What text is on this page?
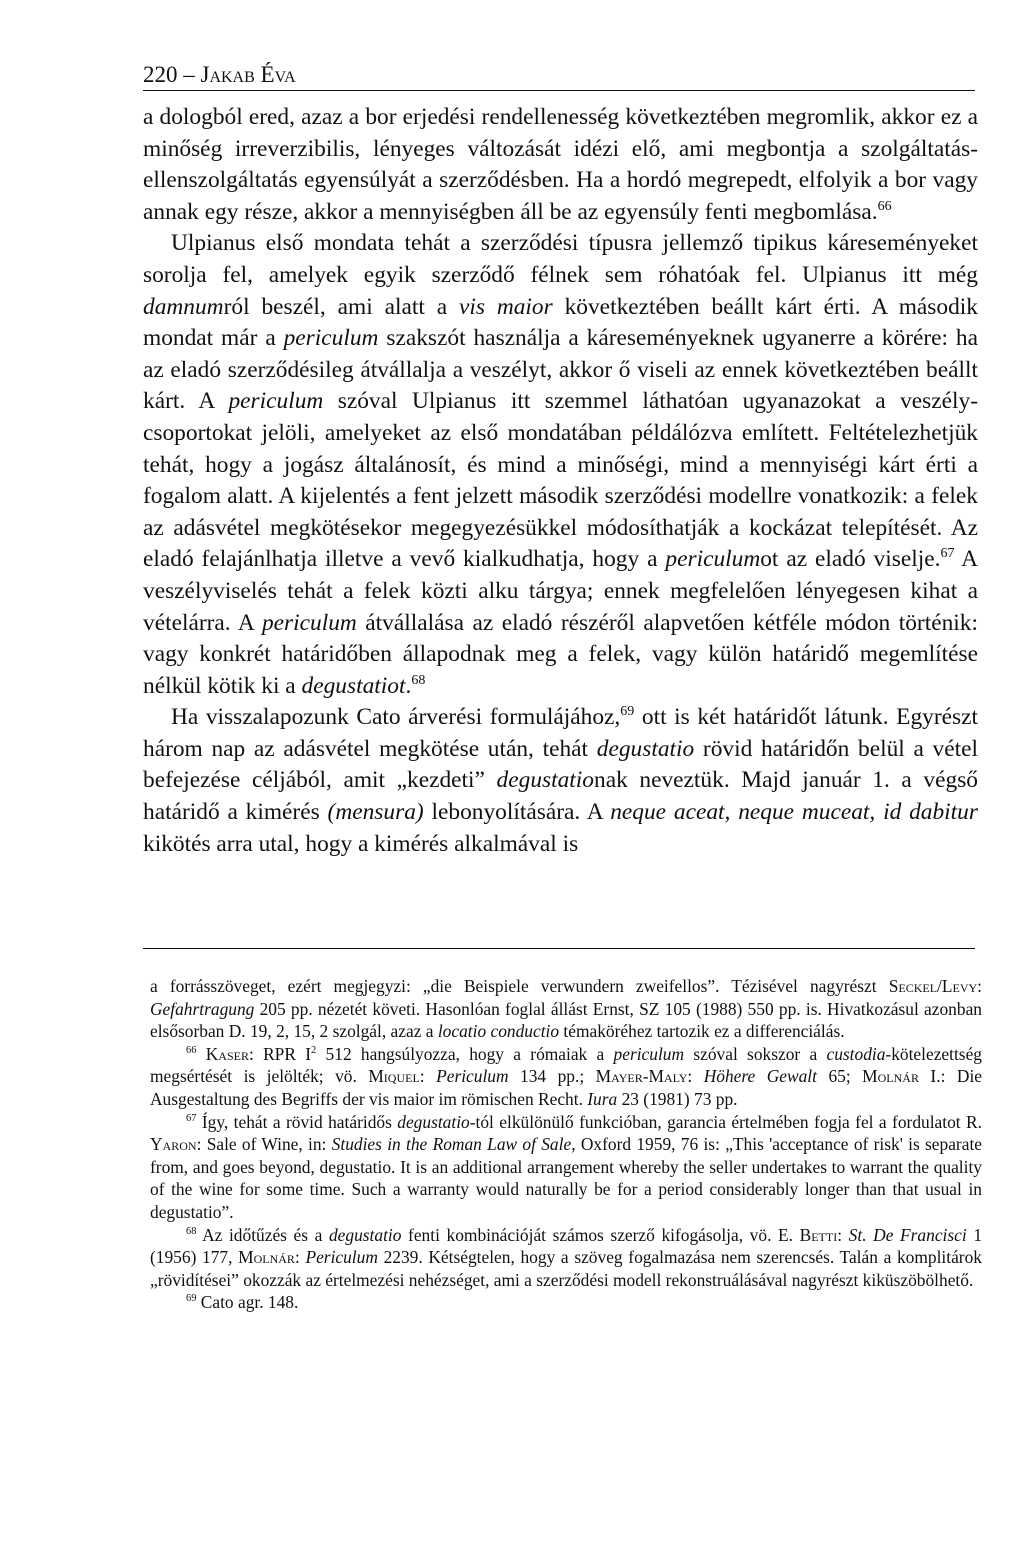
220 – Jakab Éva

a dologból ered, azaz a bor erjedési rendellenesség következtében megromlik, akkor ez a minőség irreverzibilis, lényeges változását idézi elő, ami megbontja a szolgáltatás-ellenszolgáltatás egyensúlyát a szerződésben. Ha a hordó megrepedt, elfolyik a bor vagy annak egy része, akkor a mennyiségben áll be az egyensúly fenti megbomlása.$^{66}$

Ulpianus első mondata tehát a szerződési típusra jellemző tipikus káreseményeket sorolja fel, amelyek egyik szerződő félnek sem róhatóak fel. Ulpianus itt még damnumról beszél, ami alatt a vis maior következtében beállt kárt érti. A második mondat már a periculum szakszót használja a káreseményeknek ugyanerre a körére: ha az eladó szerződésileg átvállalja a veszélyt, akkor ő viseli az ennek következtében beállt kárt. A periculum szóval Ulpianus itt szemmel láthatóan ugyanazokat a veszély-csoportokat jelöli, amelyeket az első mondatában példálózva említett. Feltételezhetjük tehát, hogy a jogász általánosít, és mind a minőségi, mind a mennyiségi kárt érti a fogalom alatt. A kijelentés a fent jelzett második szerződési modellre vonatkozik: a felek az adásvétel megkötésekor megegyezésükkel módosíthatják a kockázat telepítését. Az eladó felajánlhatja illetve a vevő kialkudhatja, hogy a periculumot az eladó viselje.$^{67}$ A veszélyviselés tehát a felek közti alku tárgya; ennek megfelelően lényegesen kihat a vételárra. A periculum átvállalása az eladó részéről alapvetően kétféle módon történik: vagy konkrét határidőben állapodnak meg a felek, vagy külön határidő megemlítése nélkül kötik ki a degustatiot.$^{68}$

Ha visszalapozunk Cato árverési formulájához,$^{69}$ ott is két határidőt látunk. Egyrészt három nap az adásvétel megkötése után, tehát degustatio rövid határidőn belül a vétel befejezése céljából, amit „kezdeti” degustationak neveztük. Majd január 1. a végső határidő a kimérés (mensura) lebonyolítására. A neque aceat, neque muceat, id dabitur kikötés arra utal, hogy a kimérés alkalmával is

a forrásszöveget, ezért megjegyzi: „die Beispiele verwundern zweifellos”. Tézisével nagyrészt Seckel/Levy: Gefahrtragung 205 pp. nézetét követi. Hasonlóan foglal állást Ernst, SZ 105 (1988) 550 pp. is. Hivatkozásul azonban elsősorban D. 19, 2, 15, 2 szolgál, azaz a locatio conductio témaköréhez tartozik ez a differenciálás.

$^{66}$ Kaser: RPR $I^2$ 512 hangsúlyozza, hogy a rómaiak a periculum szóval sokszor a custodia-kötelezettség megsértését is jelölték; vö. Miquel: Periculum 134 pp.; Mayer-Maly: Höhere Gewalt 65; Molnár I.: Die Ausgestaltung des Begriffs der vis maior im römischen Recht. Iura 23 (1981) 73 pp.

$^{67}$ Így, tehát a rövid határidős degustatio-tól elkülönülő funkcióban, garancia értelmében fogja fel a fordulatot R. Yaron: Sale of Wine, in: Studies in the Roman Law of Sale, Oxford 1959, 76 is: „This 'acceptance of risk' is separate from, and goes beyond, degustatio. It is an additional arrangement whereby the seller undertakes to warrant the quality of the wine for some time. Such a warranty would naturally be for a period considerably longer than that usual in degustatio”.

$^{68}$ Az időtűzés és a degustatio fenti kombinációját számos szerző kifogásolja, vö. E. Betti: St. De Francisci 1 (1956) 177, Molnár: Periculum 2239. Kétségtelen, hogy a szöveg fogalmazása nem szerencsés. Talán a komplitárok „rövidítései” okozzák az értelmezési nehézséget, ami a szerződési modell rekonstruálásával nagyrészt kiküszöbölhető.

$^{69}$ Cato agr. 148.
